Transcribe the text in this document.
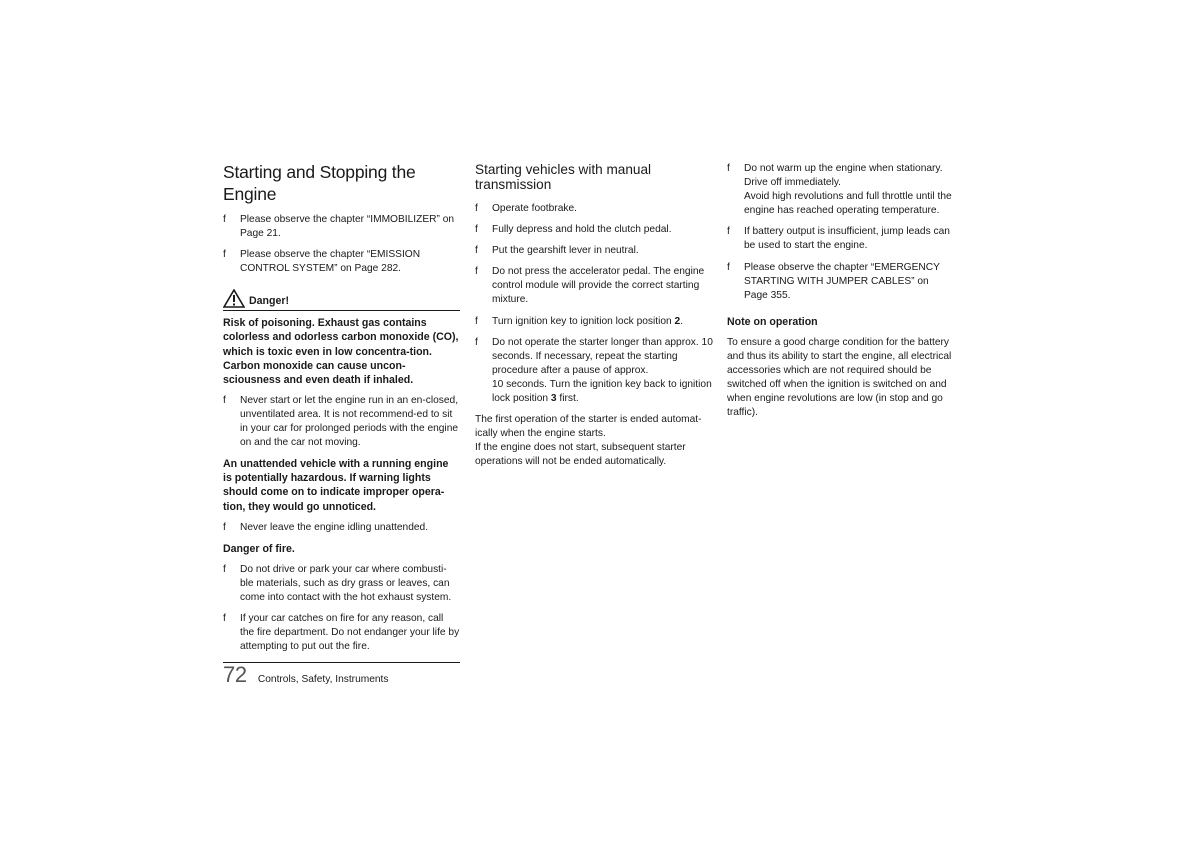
Starting and Stopping the Engine
f Please observe the chapter “IMMOBILIZER” on Page 21.
f Please observe the chapter “EMISSION CONTROL SYSTEM” on Page 282.
Danger!

Risk of poisoning. Exhaust gas contains colorless and odorless carbon monoxide (CO), which is toxic even in low concentra-tion. Carbon monoxide can cause uncon-sciousness and even death if inhaled.

f Never start or let the engine run in an en-closed, unventilated area. It is not recommend-ed to sit in your car for prolonged periods with the engine on and the car not moving.

An unattended vehicle with a running engine is potentially hazardous. If warning lights should come on to indicate improper opera-tion, they would go unnoticed.

f Never leave the engine idling unattended.

Danger of fire.

f Do not drive or park your car where combusti-ble materials, such as dry grass or leaves, can come into contact with the hot exhaust system.
f If your car catches on fire for any reason, call the fire department. Do not endanger your life by attempting to put out the fire.
Starting vehicles with manual transmission
f Operate footbrake.
f Fully depress and hold the clutch pedal.
f Put the gearshift lever in neutral.
f Do not press the accelerator pedal. The engine control module will provide the correct starting mixture.
f Turn ignition key to ignition lock position 2.
f Do not operate the starter longer than approx. 10 seconds. If necessary, repeat the starting procedure after a pause of approx.
10 seconds. Turn the ignition key back to ignition lock position 3 first.

The first operation of the starter is ended automat-ically when the engine starts.

If the engine does not start, subsequent starter operations will not be ended automatically.

f Do not warm up the engine when stationary. Drive off immediately.
Avoid high revolutions and full throttle until the engine has reached operating temperature.
f If battery output is insufficient, jump leads can be used to start the engine.
f Please observe the chapter “EMERGENCY STARTING WITH JUMPER CABLES” on
Page 355.

Note on operation

To ensure a good charge condition for the battery and thus its ability to start the engine, all electrical accessories which are not required should be switched off when the ignition is switched on and when engine revolutions are low (in stop and go traffic).

72 Controls, Safety, Instruments
